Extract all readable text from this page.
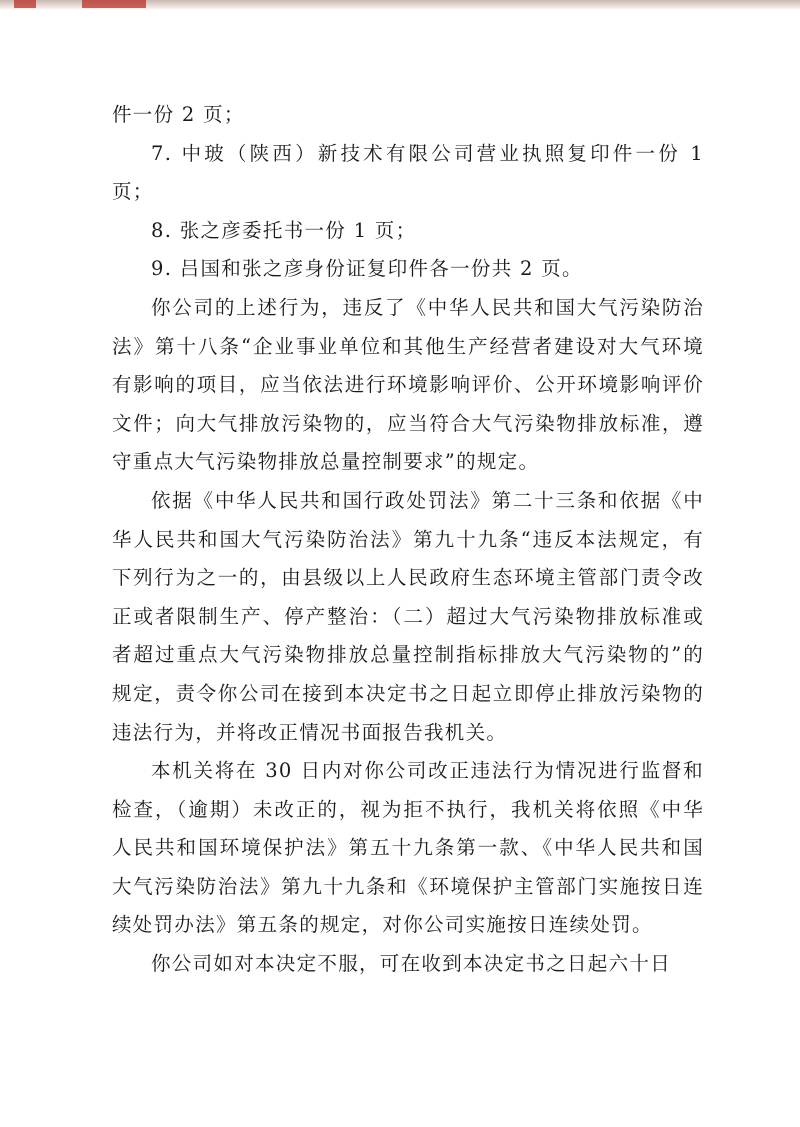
件一份 2 页；

7. 中玻（陕西）新技术有限公司营业执照复印件一份 1 页；

8. 张之彦委托书一份 1 页；

9. 吕国和张之彦身份证复印件各一份共 2 页。

你公司的上述行为，违反了《中华人民共和国大气污染防治法》第十八条“企业事业单位和其他生产经营者建设对大气环境有影响的项目，应当依法进行环境影响评价、公开环境影响评价文件；向大气排放污染物的，应当符合大气污染物排放标准，遵守重点大气污染物排放总量控制要求”的规定。

依据《中华人民共和国行政处罚法》第二十三条和依据《中华人民共和国大气污染防治法》第九十九条“违反本法规定，有下列行为之一的，由县级以上人民政府生态环境主管部门责令改正或者限制生产、停产整治：（二）超过大气污染物排放标准或者超过重点大气污染物排放总量控制指标排放大气污染物的”的规定，责令你公司在接到本决定书之日起立即停止排放污染物的违法行为，并将改正情况书面报告我机关。

本机关将在 30 日内对你公司改正违法行为情况进行监督和检查，（逾期）未改正的，视为拒不执行，我机关将依照《中华人民共和国环境保护法》第五十九条第一款、《中华人民共和国大气污染防治法》第九十九条和《环境保护主管部门实施按日连续处罚办法》第五条的规定，对你公司实施按日连续处罚。

你公司如对本决定不服，可在收到本决定书之日起六十日
